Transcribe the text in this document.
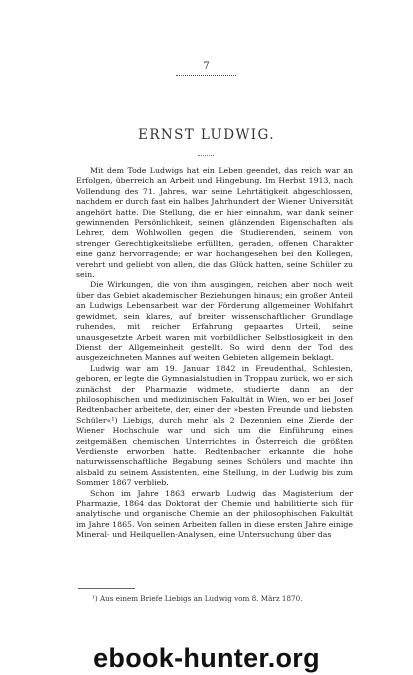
7
ERNST LUDWIG.

Mit dem Tode Ludwigs hat ein Leben geendet, das reich war an Erfolgen, überreich an Arbeit und Hingebung. Im Herbst 1913, nach Vollendung des 71. Jahres, war seine Lehrtätigkeit abgeschlossen, nachdem er durch fast ein halbes Jahrhundert der Wiener Universität angehört hatte. Die Stellung, die er hier einnahm, war dank seiner gewinnenden Persönlichkeit, seinen glänzenden Eigenschaften als Lehrer, dem Wohlwollen gegen die Studierenden, seinem von strenger Gerechtigkeitsliebe erfüllten, geraden, offenen Charakter eine ganz hervorragende; er war hochangesehen bei den Kollegen, verehrt und geliebt von allen, die das Glück hatten, seine Schüler zu sein.

Die Wirkungen, die von ihm ausgingen, reichen aber noch weit über das Gebiet akademischer Beziehungen hinaus; ein großer Anteil an Ludwigs Lebensarbeit war der Förderung allgemeiner Wohlfahrt gewidmet, sein klares, auf breiter wissenschaftlicher Grundlage ruhendes, mit reicher Erfahrung gepaartes Urteil, seine unausgesetzte Arbeit waren mit vorbildlicher Selbstlosigkeit in den Dienst der Allgemeinheit gestellt. So wird denn der Tod des ausgezeichneten Mannes auf weiten Gebieten allgemein beklagt.

Ludwig war am 19. Januar 1842 in Freudenthal, Schlesien, geboren, er legte die Gymnasialstudien in Troppau zurück, wo er sich zunächst der Pharmazie widmete, studierte dann an der philosophischen und medizinischen Fakultät in Wien, wo er bei Josef Redtenbacher arbeitete, der, einer der »besten Freunde und liebsten Schüler«¹) Liebigs, durch mehr als 2 Dezennien eine Zierde der Wiener Hochschule war und sich um die Einführung eines zeitgemäßen chemischen Unterrichtes in Österreich die größten Verdienste erworben hatte. Redtenbacher erkannte die hohe naturwissenschaftliche Begabung seines Schülers und machte ihn alsbald zu seinem Assistenten, eine Stellung, in der Ludwig bis zum Sommer 1867 verblieb.

Schon im Jahre 1863 erwarb Ludwig das Magisterium der Pharmazie, 1864 das Doktorat der Chemie und habilitierte sich für analytische und organische Chemie an der philosophischen Fakultät im Jahre 1865. Von seinen Arbeiten fallen in diese ersten Jahre einige Mineral- und Heilquellen-Analysen, eine Untersuchung über das

¹) Aus einem Briefe Liebigs an Ludwig vom 8. März 1870.
ebook-hunter.org
